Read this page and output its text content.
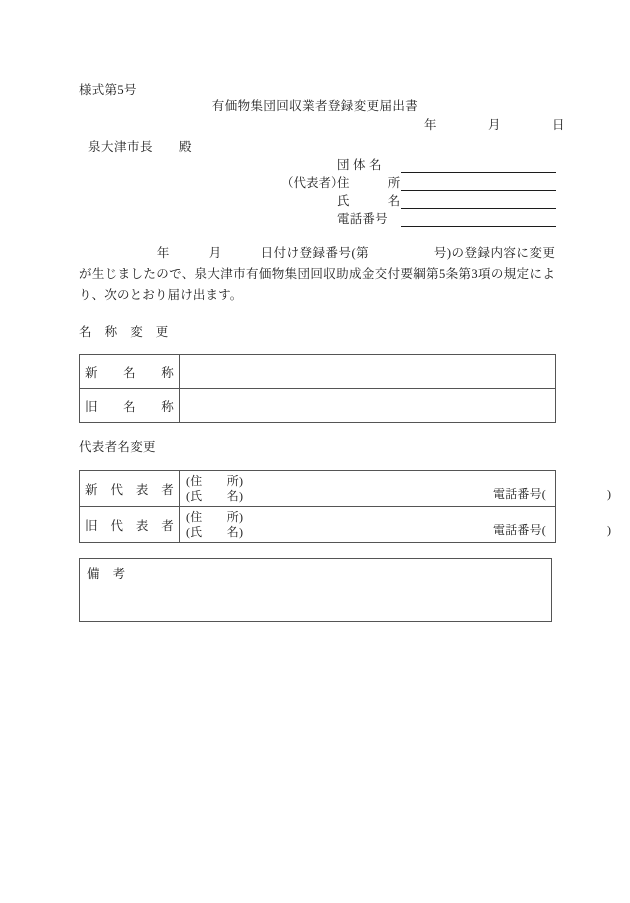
様式第5号
有価物集団回収業者登録変更届出書
年　　　　月　　　　日
泉大津市長　　殿
団 体 名
（代表者）
住　　　所
氏　　　名
電話番号
　　　　　　年　　　月　　　日付け登録番号(第　　　　　号)の登録内容に変更が生じましたので、泉大津市有価物集団回収助成金交付要綱第5条第3項の規定により、次のとおり届け出ます。
名　称　変　更
新　　名　　称	
旧　　名　　称	
代表者名変更
新　代　表　者	(住　　所)
(氏　　名) 電話番号(　　　　　)

旧　代　表　者	(住　　所)
(氏　　名) 電話番号(　　　　　)
備　考
